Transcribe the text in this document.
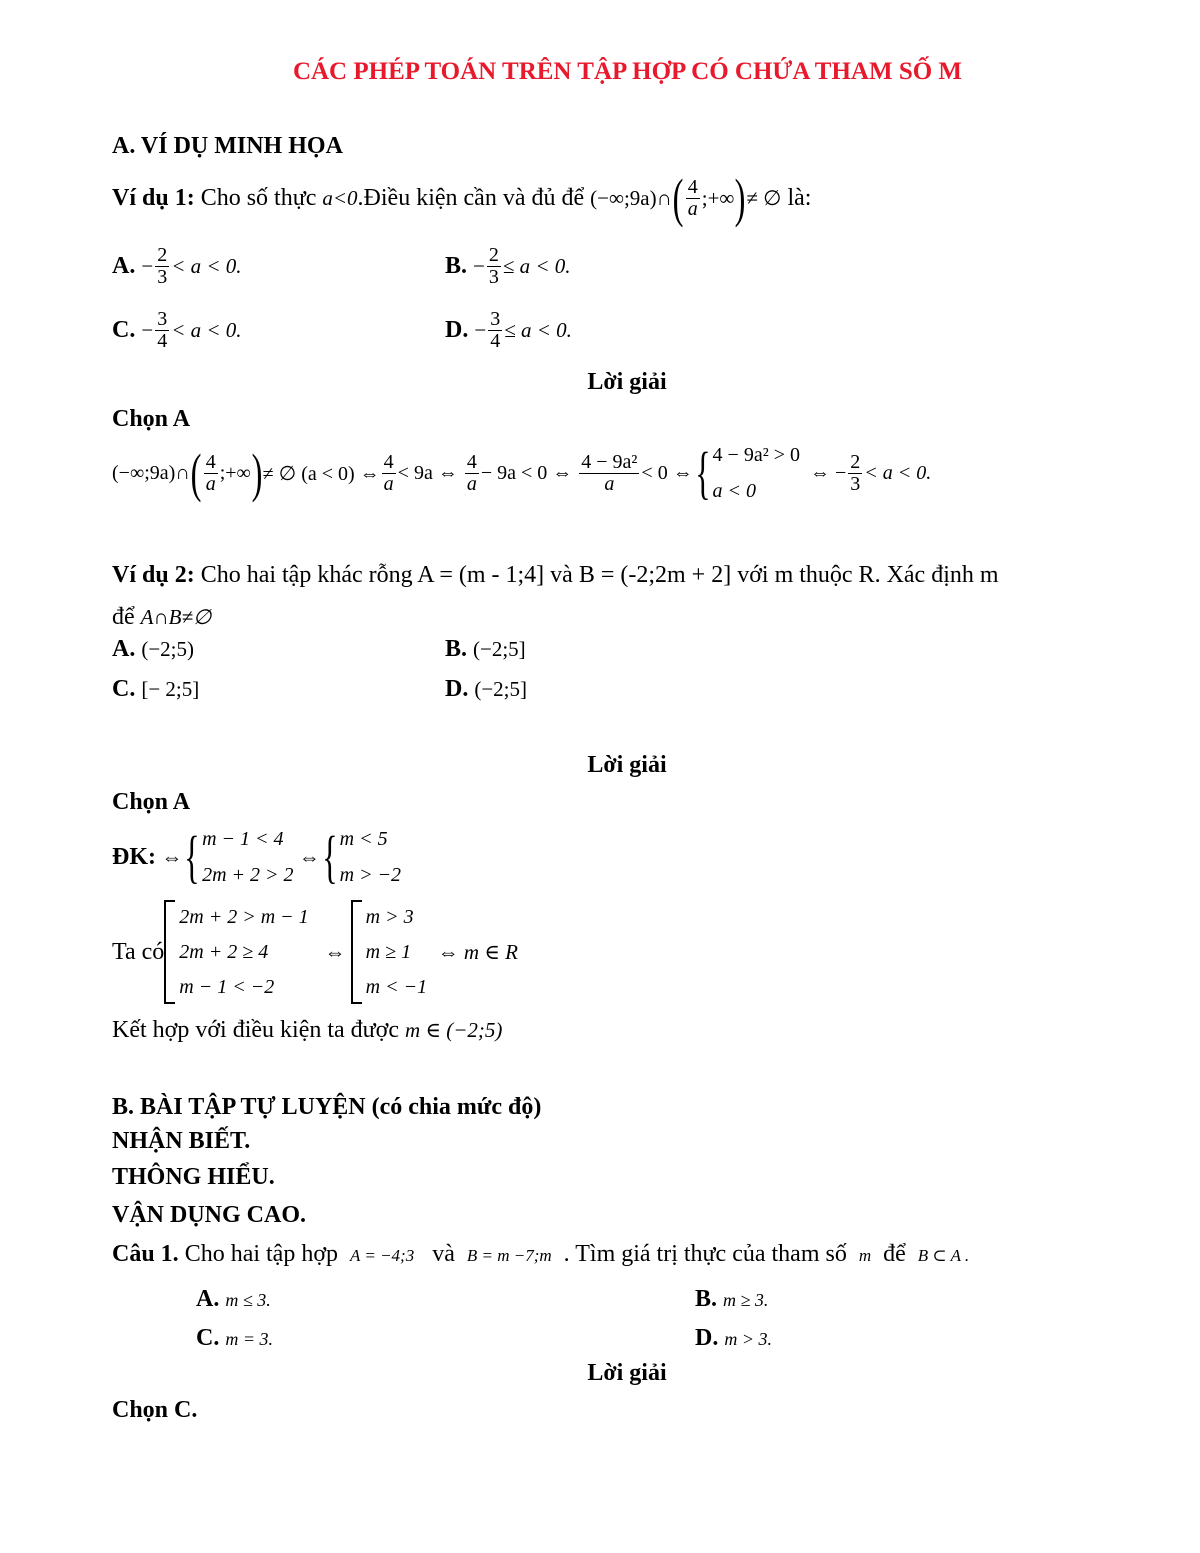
CÁC PHÉP TOÁN TRÊN TẬP HỢP CÓ CHỨA THAM SỐ M
A. VÍ DỤ MINH HỌA
Ví dụ 1:
Cho số thực
a<0 .Điều kiện cần và đủ để
(−∞;9a)∩ ( $\frac{4}{a}$ ;+∞ ) ≠ ∅
là:
A.
− $\frac{2}{3} < a < 0$.	B.
− $\frac{2}{3} \le a < 0$.
C.
− $\frac{3}{4} < a < 0$.	D.
− $\frac{3}{4} \le a < 0$.
Lời giải
Chọn A
(−∞;9a)∩ ( $\frac{4}{a}$ ;+∞ ) ≠ ∅ (a < 0) ⇔ $\frac{4}{a} < 9a$ ⇔
$\frac{4}{a} - 9a < 0$ ⇔
$\frac{\text{4 − 9a²}}{a} < 0$ ⇔ { 4 − 9a² > 0
a < 0

⇔ − $\frac{2}{3} < a < 0$.
Ví dụ 2: Cho hai tập khác rỗng A = (m - 1;4] và B = (-2;2m + 2] với m thuộc R. Xác định m
để A∩B≠∅
A. (−2;5)	B. (−2;5]
C. [− 2;5]	D. (−2;5]
Lời giải
Chọn A
ĐK:
⇔ { m − 1 < 4
2m + 2 > 2

⇔ { m < 5
m > −2
Ta có
2m + 2 > m − 1
2m + 2 ≥ 4
m − 1 < −2

⇔

m > 3
m ≥ 1
m < −1

⇔ m ∈ R
Kết hợp với điều kiện ta được m ∈ (−2;5)
B. BÀI TẬP TỰ LUYỆN (có chia mức độ)
NHẬN BIẾT.
THÔNG HIỂU.
VẬN DỤNG CAO.
Câu 1. Cho hai tập hợp A = −4;3 và B = m −7;m . Tìm giá trị thực của tham số m để B ⊂ A .
A. m ≤ 3.	B. m ≥ 3.
C. m = 3.	D. m > 3.
Lời giải
Chọn C.
